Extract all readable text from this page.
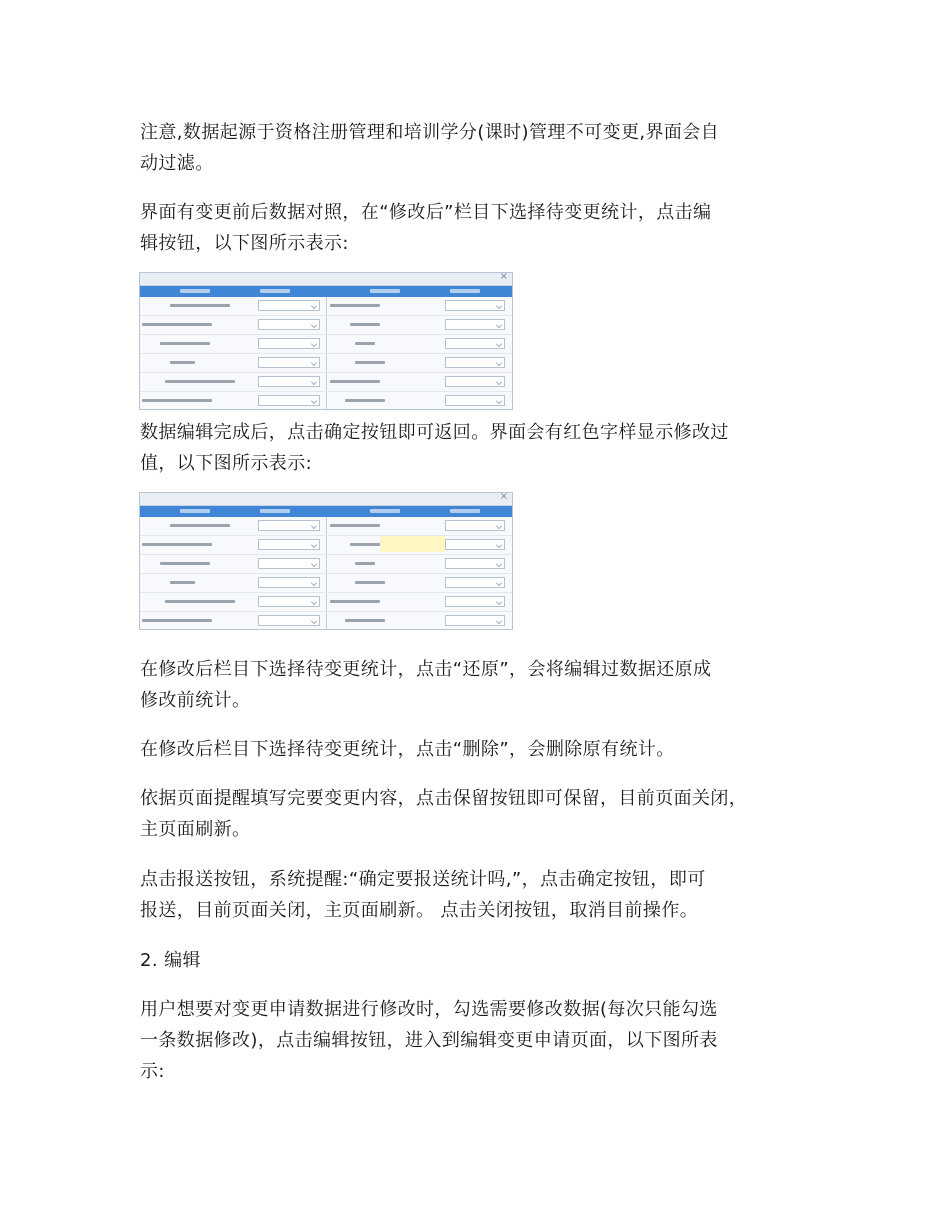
注意,数据起源于资格注册管理和培训学分(课时)管理不可变更,界面会自
动过滤。

界面有变更前后数据对照，在“修改后”栏目下选择待变更统计，点击编
辑按钮，以下图所示表示:

×

数据编辑完成后，点击确定按钮即可返回。界面会有红色字样显示修改过
值，以下图所示表示:

×

在修改后栏目下选择待变更统计，点击“还原”，会将编辑过数据还原成
修改前统计。

在修改后栏目下选择待变更统计，点击“删除”，会删除原有统计。

依据页面提醒填写完要变更内容，点击保留按钮即可保留，目前页面关闭，
主页面刷新。

点击报送按钮，系统提醒:“确定要报送统计吗,”，点击确定按钮，即可
报送，目前页面关闭，主页面刷新。 点击关闭按钮，取消目前操作。

2. 编辑

用户想要对变更申请数据进行修改时，勾选需要修改数据(每次只能勾选
一条数据修改)，点击编辑按钮，进入到编辑变更申请页面，以下图所表
示:
